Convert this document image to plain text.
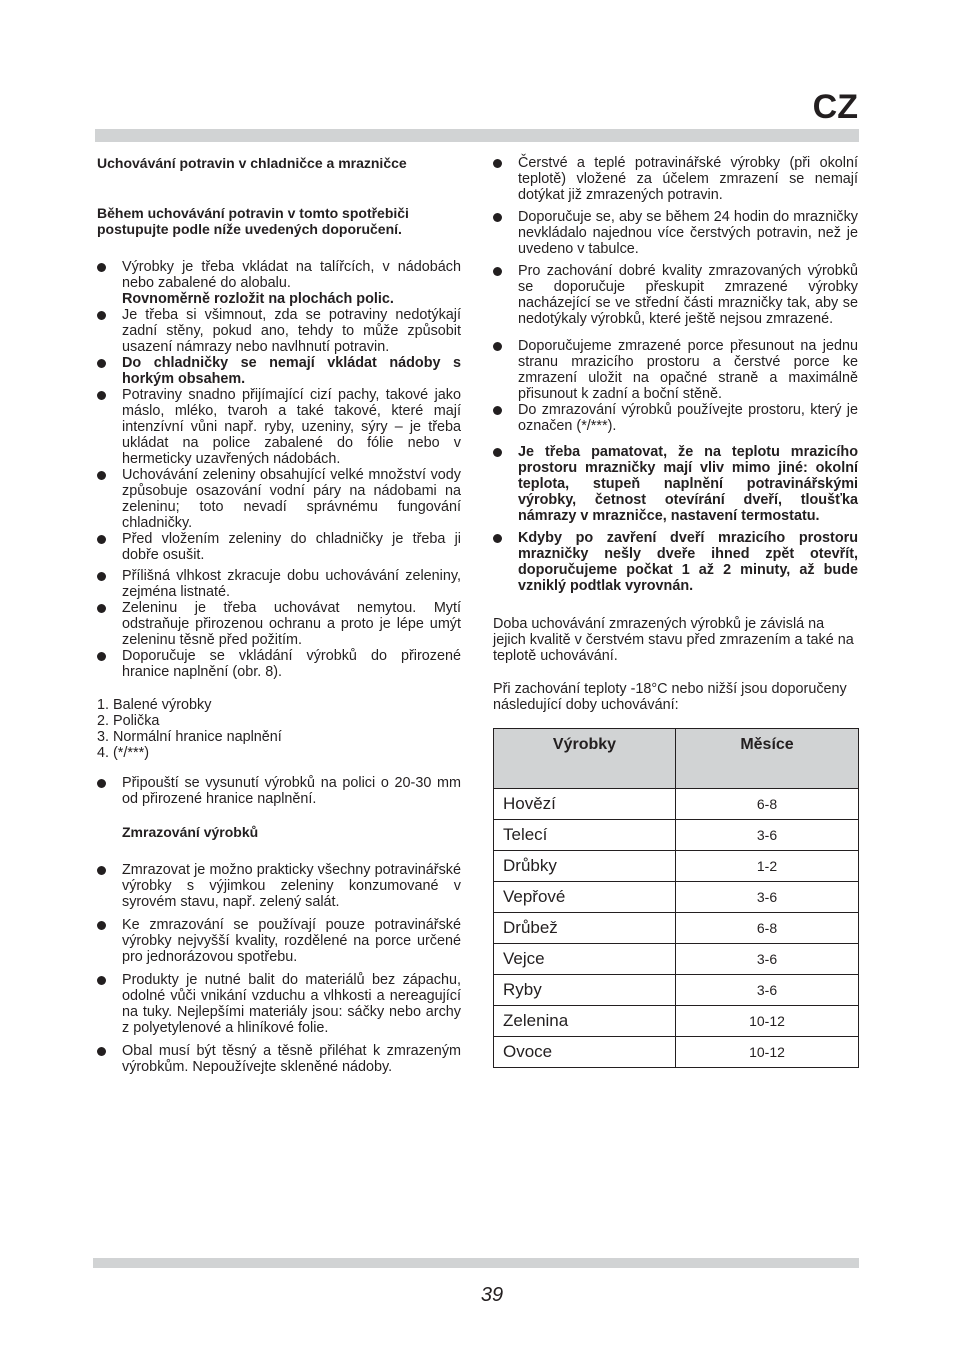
CZ

Uchovávání potravin v chladničce a mrazničce

Během uchovávání potravin v tomto spotřebiči postupujte podle níže uvedených doporučení.

Výrobky je třeba vkládat na talířcích, v nádobách nebo zabalené do alobalu.
Rovnoměrně rozložit na plochách polic.
Je třeba si všimnout, zda se potraviny nedotýkají zadní stěny, pokud ano, tehdy to může způsobit usazení námrazy nebo navlhnutí potravin.
Do chladničky se nemají vkládat nádoby s horkým obsahem.
Potraviny snadno přijímající cizí pachy, takové jako máslo, mléko, tvaroh a také takové, které mají intenzívní vůni např. ryby, uzeniny, sýry – je třeba ukládat na police zabalené do fólie nebo v hermeticky uzavřených nádobách.
Uchovávání zeleniny obsahující velké množství vody způsobuje osazování vodní páry na nádobami na zeleninu; toto nevadí správnému fungování chladničky.
Před vložením zeleniny do chladničky je třeba ji dobře osušit.
Přílišná vlhkost zkracuje dobu uchovávání zeleniny, zejména listnaté.
Zeleninu je třeba uchovávat nemytou. Mytí odstraňuje přirozenou ochranu a proto je lépe umýt zeleninu těsně před požitím.
Doporučuje se vkládání výrobků do přirozené hranice naplnění (obr. 8).
1. Balené výrobky
2. Polička
3. Normální hranice naplnění
4. (*/***)
Připouští se vysunutí výrobků na polici o 20-30 mm od přirozené hranice naplnění.

Zmrazování výrobků

Zmrazovat je možno prakticky všechny potravinářské výrobky s výjimkou zeleniny konzumované v syrovém stavu, např. zelený salát.
Ke zmrazování se používají pouze potravinářské výrobky nejvyšší kvality, rozdělené na porce určené pro jednorázovou spotřebu.
Produkty je nutné balit do materiálů bez zápachu, odolné vůči vnikání vzduchu a vlhkosti a nereagující na tuky. Nejlepšími materiály jsou: sáčky nebo archy z polyetylenové a hliníkové folie.
Obal musí být těsný a těsně přiléhat k zmrazeným výrobkům. Nepoužívejte skleněné nádoby.
Čerstvé a teplé potravinářské výrobky (při okolní teplotě) vložené za účelem zmrazení se nemají dotýkat již zmrazených potravin.
Doporučuje se, aby se během 24 hodin do mrazničky nevkládalo najednou více čerstvých potravin, než je uvedeno v tabulce.
Pro zachování dobré kvality zmrazovaných výrobků se doporučuje přeskupit zmrazené výrobky nacházející se ve střední části mrazničky tak, aby se nedotýkaly výrobků, které ještě nejsou zmrazené.
Doporučujeme zmrazené porce přesunout na jednu stranu mrazicího prostoru a čerstvé porce ke zmrazení uložit na opačné straně a maximálně přisunout k zadní a boční stěně.
Do zmrazování výrobků používejte prostoru, který je označen (*/***).
Je třeba pamatovat, že na teplotu mrazicího prostoru mrazničky mají vliv mimo jiné: okolní teplota, stupeň naplnění potravinářskými výrobky, četnost otevírání dveří, tloušťka námrazy v mrazničce, nastavení termostatu.
Kdyby po zavření dveří mrazicího prostoru mrazničky nešly dveře ihned zpět otevřít, doporučujeme počkat 1 až 2 minuty, až bude vzniklý podtlak vyrovnán.

Doba uchovávání zmrazených výrobků je závislá na jejich kvalitě v čerstvém stavu před zmrazením a také na teplotě uchovávání.

Při zachování teploty -18°C nebo nižší jsou doporučeny následující doby uchovávání:

Výrobky	Měsíce
Hovězí	6-8
Telecí	3-6
Drůbky	1-2
Vepřové	3-6
Drůbež	6-8
Vejce	3-6
Ryby	3-6
Zelenina	10-12
Ovoce	10-12
39
